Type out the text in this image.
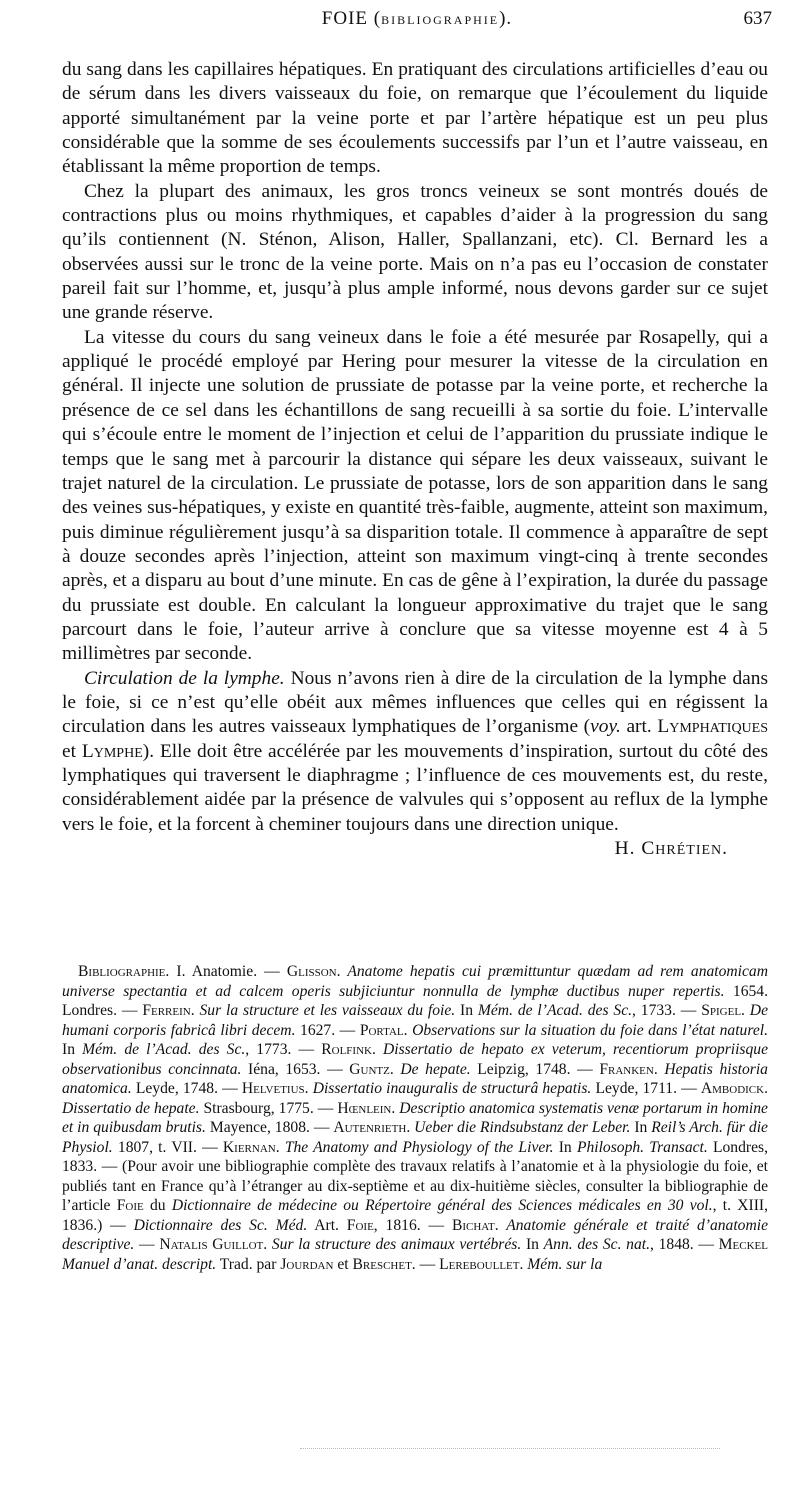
FOIE (BIBLIOGRAPHIE).	637

du sang dans les capillaires hépatiques. En pratiquant des circulations artificielles d’eau ou de sérum dans les divers vaisseaux du foie, on remarque que l’écoulement du liquide apporté simultanément par la veine porte et par l’artère hépatique est un peu plus considérable que la somme de ses écoulements successifs par l’un et l’autre vaisseau, en établissant la même proportion de temps.

Chez la plupart des animaux, les gros troncs veineux se sont montrés doués de contractions plus ou moins rhythmiques, et capables d’aider à la progression du sang qu’ils contiennent (N. Sténon, Alison, Haller, Spallanzani, etc). Cl. Bernard les a observées aussi sur le tronc de la veine porte. Mais on n’a pas eu l’occasion de constater pareil fait sur l’homme, et, jusqu’à plus ample informé, nous devons garder sur ce sujet une grande réserve.

La vitesse du cours du sang veineux dans le foie a été mesurée par Rosapelly, qui a appliqué le procédé employé par Hering pour mesurer la vitesse de la circulation en général. Il injecte une solution de prussiate de potasse par la veine porte, et recherche la présence de ce sel dans les échantillons de sang recueilli à sa sortie du foie. L’intervalle qui s’écoule entre le moment de l’injection et celui de l’apparition du prussiate indique le temps que le sang met à parcourir la distance qui sépare les deux vaisseaux, suivant le trajet naturel de la circulation. Le prussiate de potasse, lors de son apparition dans le sang des veines sus-hépatiques, y existe en quantité très-faible, augmente, atteint son maximum, puis diminue régulièrement jusqu’à sa disparition totale. Il commence à apparaître de sept à douze secondes après l’injection, atteint son maximum vingt-cinq à trente secondes après, et a disparu au bout d’une minute. En cas de gêne à l’expiration, la durée du passage du prussiate est double. En calculant la longueur approximative du trajet que le sang parcourt dans le foie, l’auteur arrive à conclure que sa vitesse moyenne est 4 à 5 millimètres par seconde.

Circulation de la lymphe. Nous n’avons rien à dire de la circulation de la lymphe dans le foie, si ce n’est qu’elle obéit aux mêmes influences que celles qui en régissent la circulation dans les autres vaisseaux lymphatiques de l’organisme (voy. art. Lymphatiques et Lymphe). Elle doit être accélérée par les mouvements d’inspiration, surtout du côté des lymphatiques qui traversent le diaphragme ; l’influence de ces mouvements est, du reste, considérablement aidée par la présence de valvules qui s’opposent au reflux de la lymphe vers le foie, et la forcent à cheminer toujours dans une direction unique.
H. Chrétien.

Bibliographie. I. Anatomie. — Glisson. Anatome hepatis cui præmittuntur quædam ad rem anatomicam universe spectantia et ad calcem operis subjiciuntur nonnulla de lymphæ ductibus nuper repertis. 1654. Londres. — Ferrein. Sur la structure et les vaisseaux du foie. In Mém. de l’Acad. des Sc., 1733. — Spigel. De humani corporis fabricâ libri decem. 1627. — Portal. Observations sur la situation du foie dans l’état naturel. In Mém. de l’Acad. des Sc., 1773. — Rolfink. Dissertatio de hepato ex veterum, recentiorum propriisque observationibus concinnata. Iéna, 1653. — Guntz. De hepate. Leipzig, 1748. — Franken. Hepatis historia anatomica. Leyde, 1748. — Helvetius. Dissertatio inauguralis de structurâ hepatis. Leyde, 1711. — Ambodick. Dissertatio de hepate. Strasbourg, 1775. — Hœnlein. Descriptio anatomica systematis venæ portarum in homine et in quibusdam brutis. Mayence, 1808. — Autenrieth. Ueber die Rindsubstanz der Leber. In Reil’s Arch. für die Physiol. 1807, t. VII. — Kiernan. The Anatomy and Physiology of the Liver. In Philosoph. Transact. Londres, 1833. — (Pour avoir une bibliographie complète des travaux relatifs à l’anatomie et à la physiologie du foie, et publiés tant en France qu’à l’étranger au dix-septième et au dix-huitième siècles, consulter la bibliographie de l’article Foie du Dictionnaire de médecine ou Répertoire général des Sciences médicales en 30 vol., t. XIII, 1836.) — Dictionnaire des Sc. Méd. Art. Foie, 1816. — Bichat. Anatomie générale et traité d’anatomie descriptive. — Natalis Guillot. Sur la structure des animaux vertébrés. In Ann. des Sc. nat., 1848. — Meckel Manuel d’anat. descript. Trad. par Jourdan et Breschet. — Lereboullet. Mém. sur la
